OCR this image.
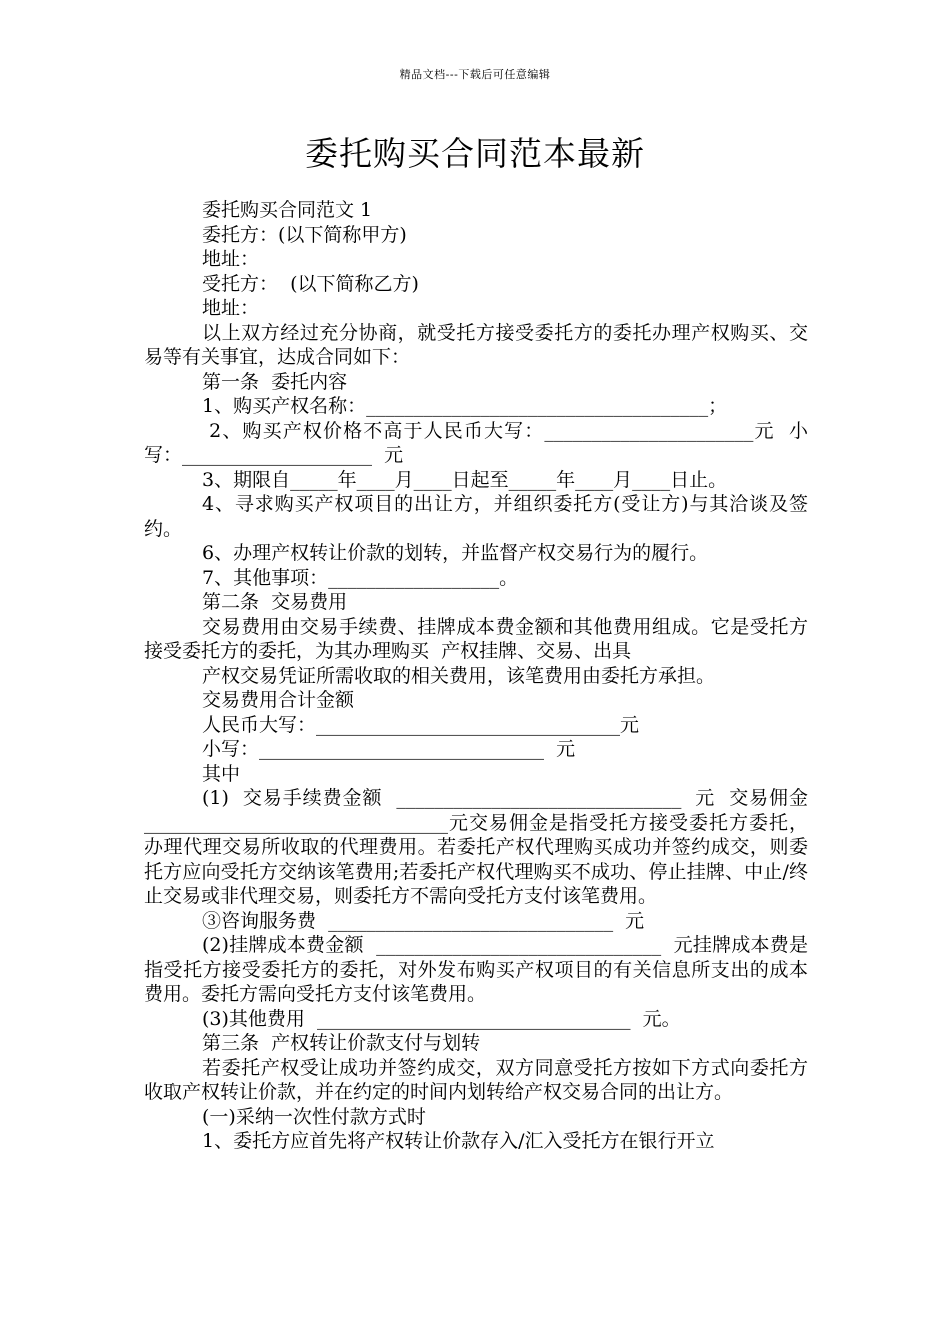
精品文档---下载后可任意编辑
委托购买合同范本最新

委托购买合同范文 1

委托方：(以下简称甲方)

地址：

受托方：  (以下简称乙方)

地址：

以上双方经过充分协商，就受托方接受委托方的委托办理产权购买、交易等有关事宜，达成合同如下：

第一条  委托内容

1、购买产权名称：____________________________________；

2、购买产权价格不高于人民币大写：______________________元  小写：____________________  元

3、期限自_____年____月____日起至_____年____月____日止。

4、寻求购买产权项目的出让方，并组织委托方(受让方)与其洽谈及签约。

6、办理产权转让价款的划转，并监督产权交易行为的履行。

7、其他事项：__________________。

第二条  交易费用

交易费用由交易手续费、挂牌成本费金额和其他费用组成。它是受托方接受委托方的委托，为其办理购买  产权挂牌、交易、出具

产权交易凭证所需收取的相关费用，该笔费用由委托方承担。

交易费用合计金额

人民币大写：________________________________元

小写：______________________________  元

其中

(1)  交易手续费金额  ______________________________  元  交易佣金________________________________元交易佣金是指受托方接受委托方委托，办理代理交易所收取的代理费用。若委托产权代理购买成功并签约成交，则委托方应向受托方交纳该笔费用;若委托产权代理购买不成功、停止挂牌、中止/终止交易或非代理交易，则委托方不需向受托方支付该笔费用。

③咨询服务费  ______________________________  元

(2)挂牌成本费金额  ______________________________  元挂牌成本费是指受托方接受委托方的委托，对外发布购买产权项目的有关信息所支出的成本费用。委托方需向受托方支付该笔费用。

(3)其他费用  _________________________________  元。

第三条  产权转让价款支付与划转

若委托产权受让成功并签约成交，双方同意受托方按如下方式向委托方收取产权转让价款，并在约定的时间内划转给产权交易合同的出让方。

(一)采纳一次性付款方式时

1、委托方应首先将产权转让价款存入/汇入受托方在银行开立
